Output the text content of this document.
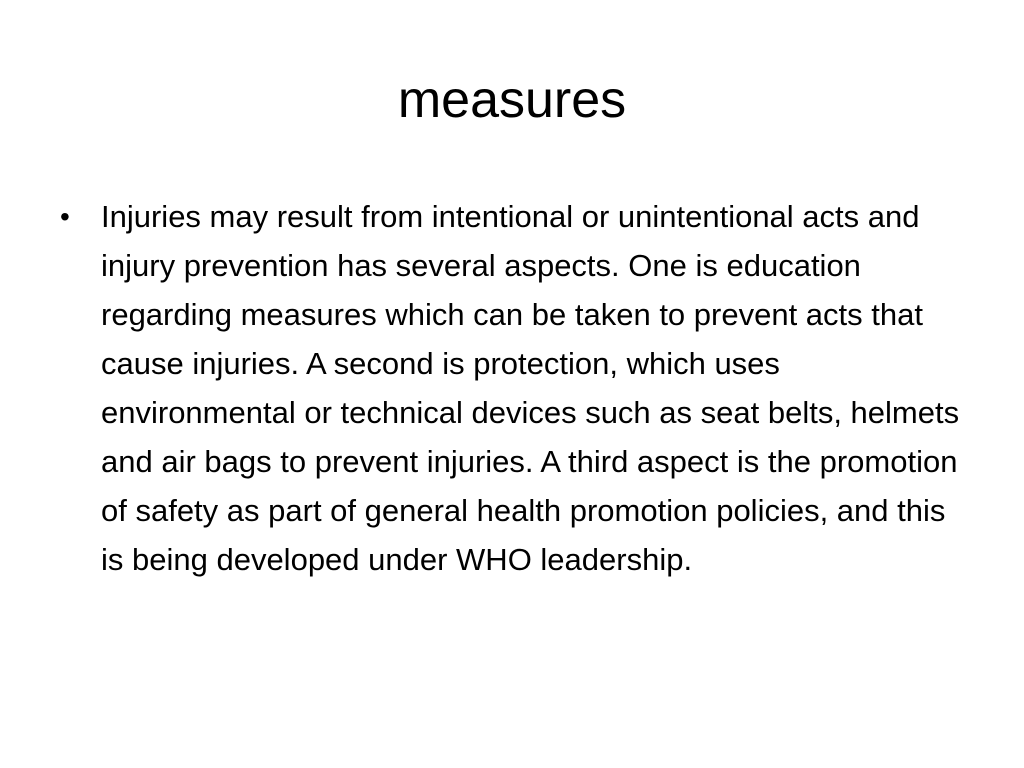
measures
• Injuries may result from intentional or unintentional acts and injury prevention has several aspects. One is education regarding measures which can be taken to prevent acts that cause injuries. A second is protection, which uses environmental or technical devices such as seat belts, helmets and air bags to prevent injuries. A third aspect is the promotion of safety as part of general health promotion policies, and this is being developed under WHO leadership.
